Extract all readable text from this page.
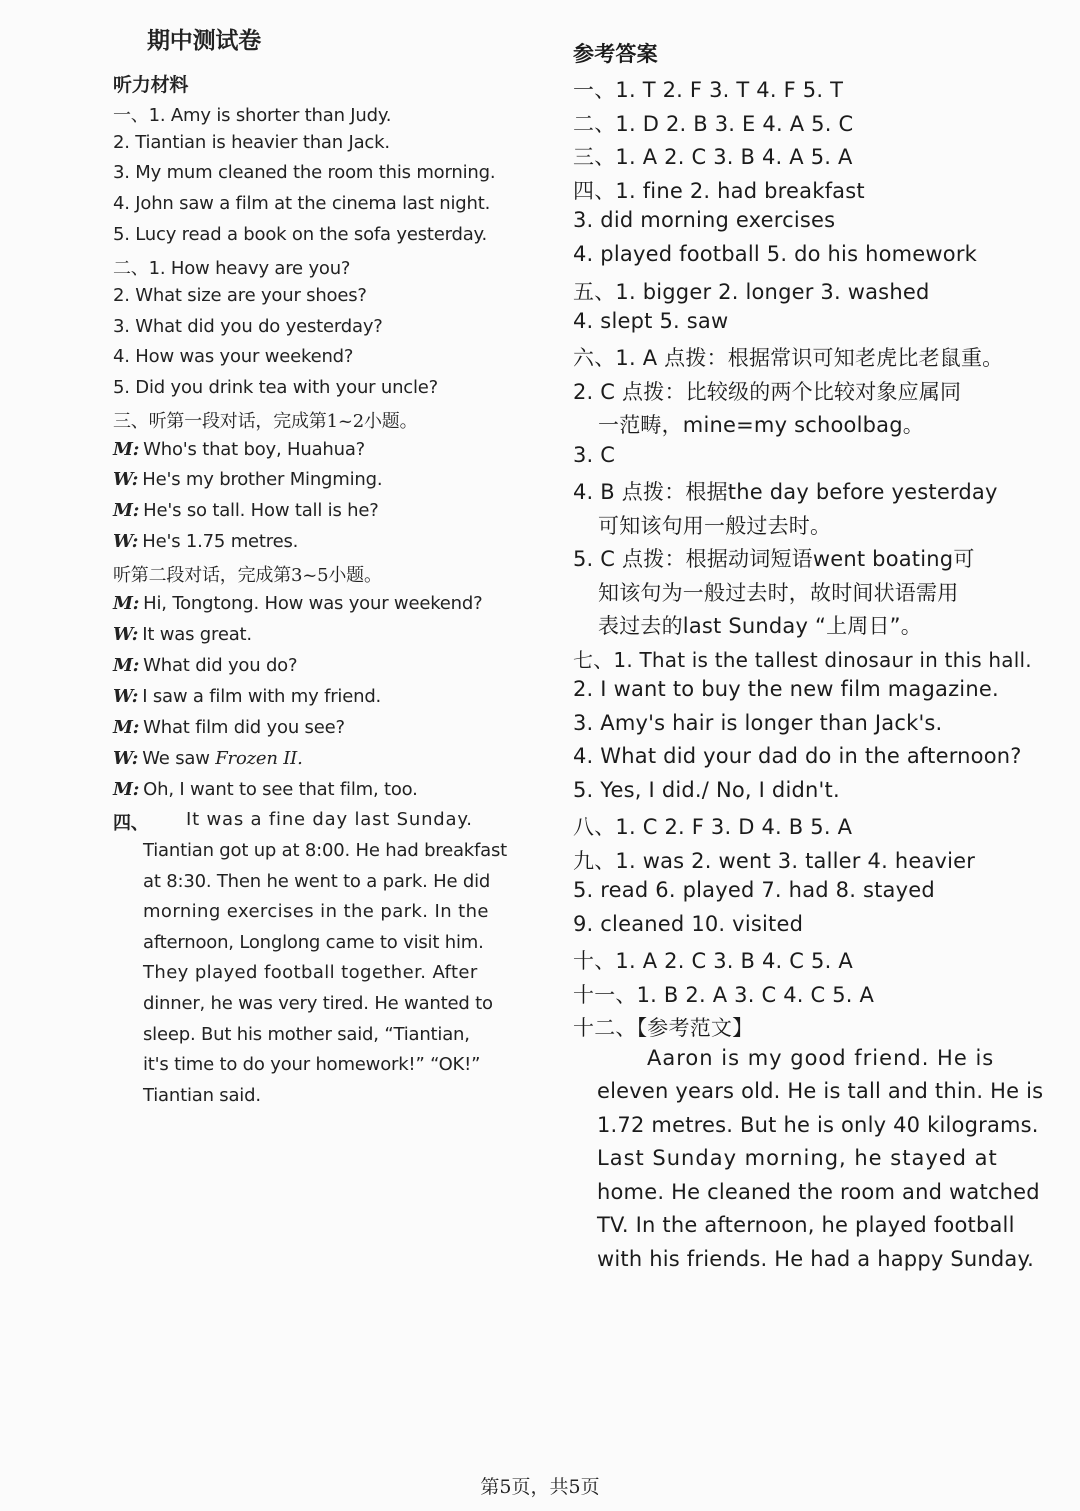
期中测试卷
听力材料
一、1. Amy is shorter than Judy.
2. Tiantian is heavier than Jack.
3. My mum cleaned the room this morning.
4. John saw a film at the cinema last night.
5. Lucy read a book on the sofa yesterday.
二、1. How heavy are you?
2. What size are your shoes?
3. What did you do yesterday?
4. How was your weekend?
5. Did you drink tea with your uncle?
三、听第一段对话，完成第1~2小题。
M: Who's that boy, Huahua?
W: He's my brother Mingming.
M: He's so tall. How tall is he?
W: He's 1.75 metres.
听第二段对话，完成第3~5小题。
M: Hi, Tongtong. How was your weekend?
W: It was great.
M: What did you do?
W: I saw a film with my friend.
M: What film did you see?
W: We saw Frozen II.
M: Oh, I want to see that film, too.
四、 It was a fine day last Sunday.
Tiantian got up at 8:00. He had breakfast
at 8:30. Then he went to a park. He did
morning exercises in the park. In the
afternoon, Longlong came to visit him.
They played football together. After
dinner, he was very tired. He wanted to
sleep. But his mother said, “Tiantian,
it's time to do your homework!” “OK!”
Tiantian said.
参考答案
一、1. T 2. F 3. T 4. F 5. T
二、1. D 2. B 3. E 4. A 5. C
三、1. A 2. C 3. B 4. A 5. A
四、1. fine 2. had breakfast
3. did morning exercises
4. played football 5. do his homework
五、1. bigger 2. longer 3. washed
4. slept 5. saw
六、1. A 点拨：根据常识可知老虎比老鼠重。
2. C 点拨：比较级的两个比较对象应属同
一范畴，mine=my schoolbag。
3. C
4. B 点拨：根据the day before yesterday
可知该句用一般过去时。
5. C 点拨：根据动词短语went boating可
知该句为一般过去时，故时间状语需用
表过去的last Sunday “上周日”。
七、1. That is the tallest dinosaur in this hall.
2. I want to buy the new film magazine.
3. Amy's hair is longer than Jack's.
4. What did your dad do in the afternoon?
5. Yes, I did./ No, I didn't.
八、1. C 2. F 3. D 4. B 5. A
九、1. was 2. went 3. taller 4. heavier
5. read 6. played 7. had 8. stayed
9. cleaned 10. visited
十、1. A 2. C 3. B 4. C 5. A
十一、1. B 2. A 3. C 4. C 5. A
十二、【参考范文】
Aaron is my good friend. He is
eleven years old. He is tall and thin. He is
1.72 metres. But he is only 40 kilograms.
Last Sunday morning, he stayed at
home. He cleaned the room and watched
TV. In the afternoon, he played football
with his friends. He had a happy Sunday.
第5页，共5页
